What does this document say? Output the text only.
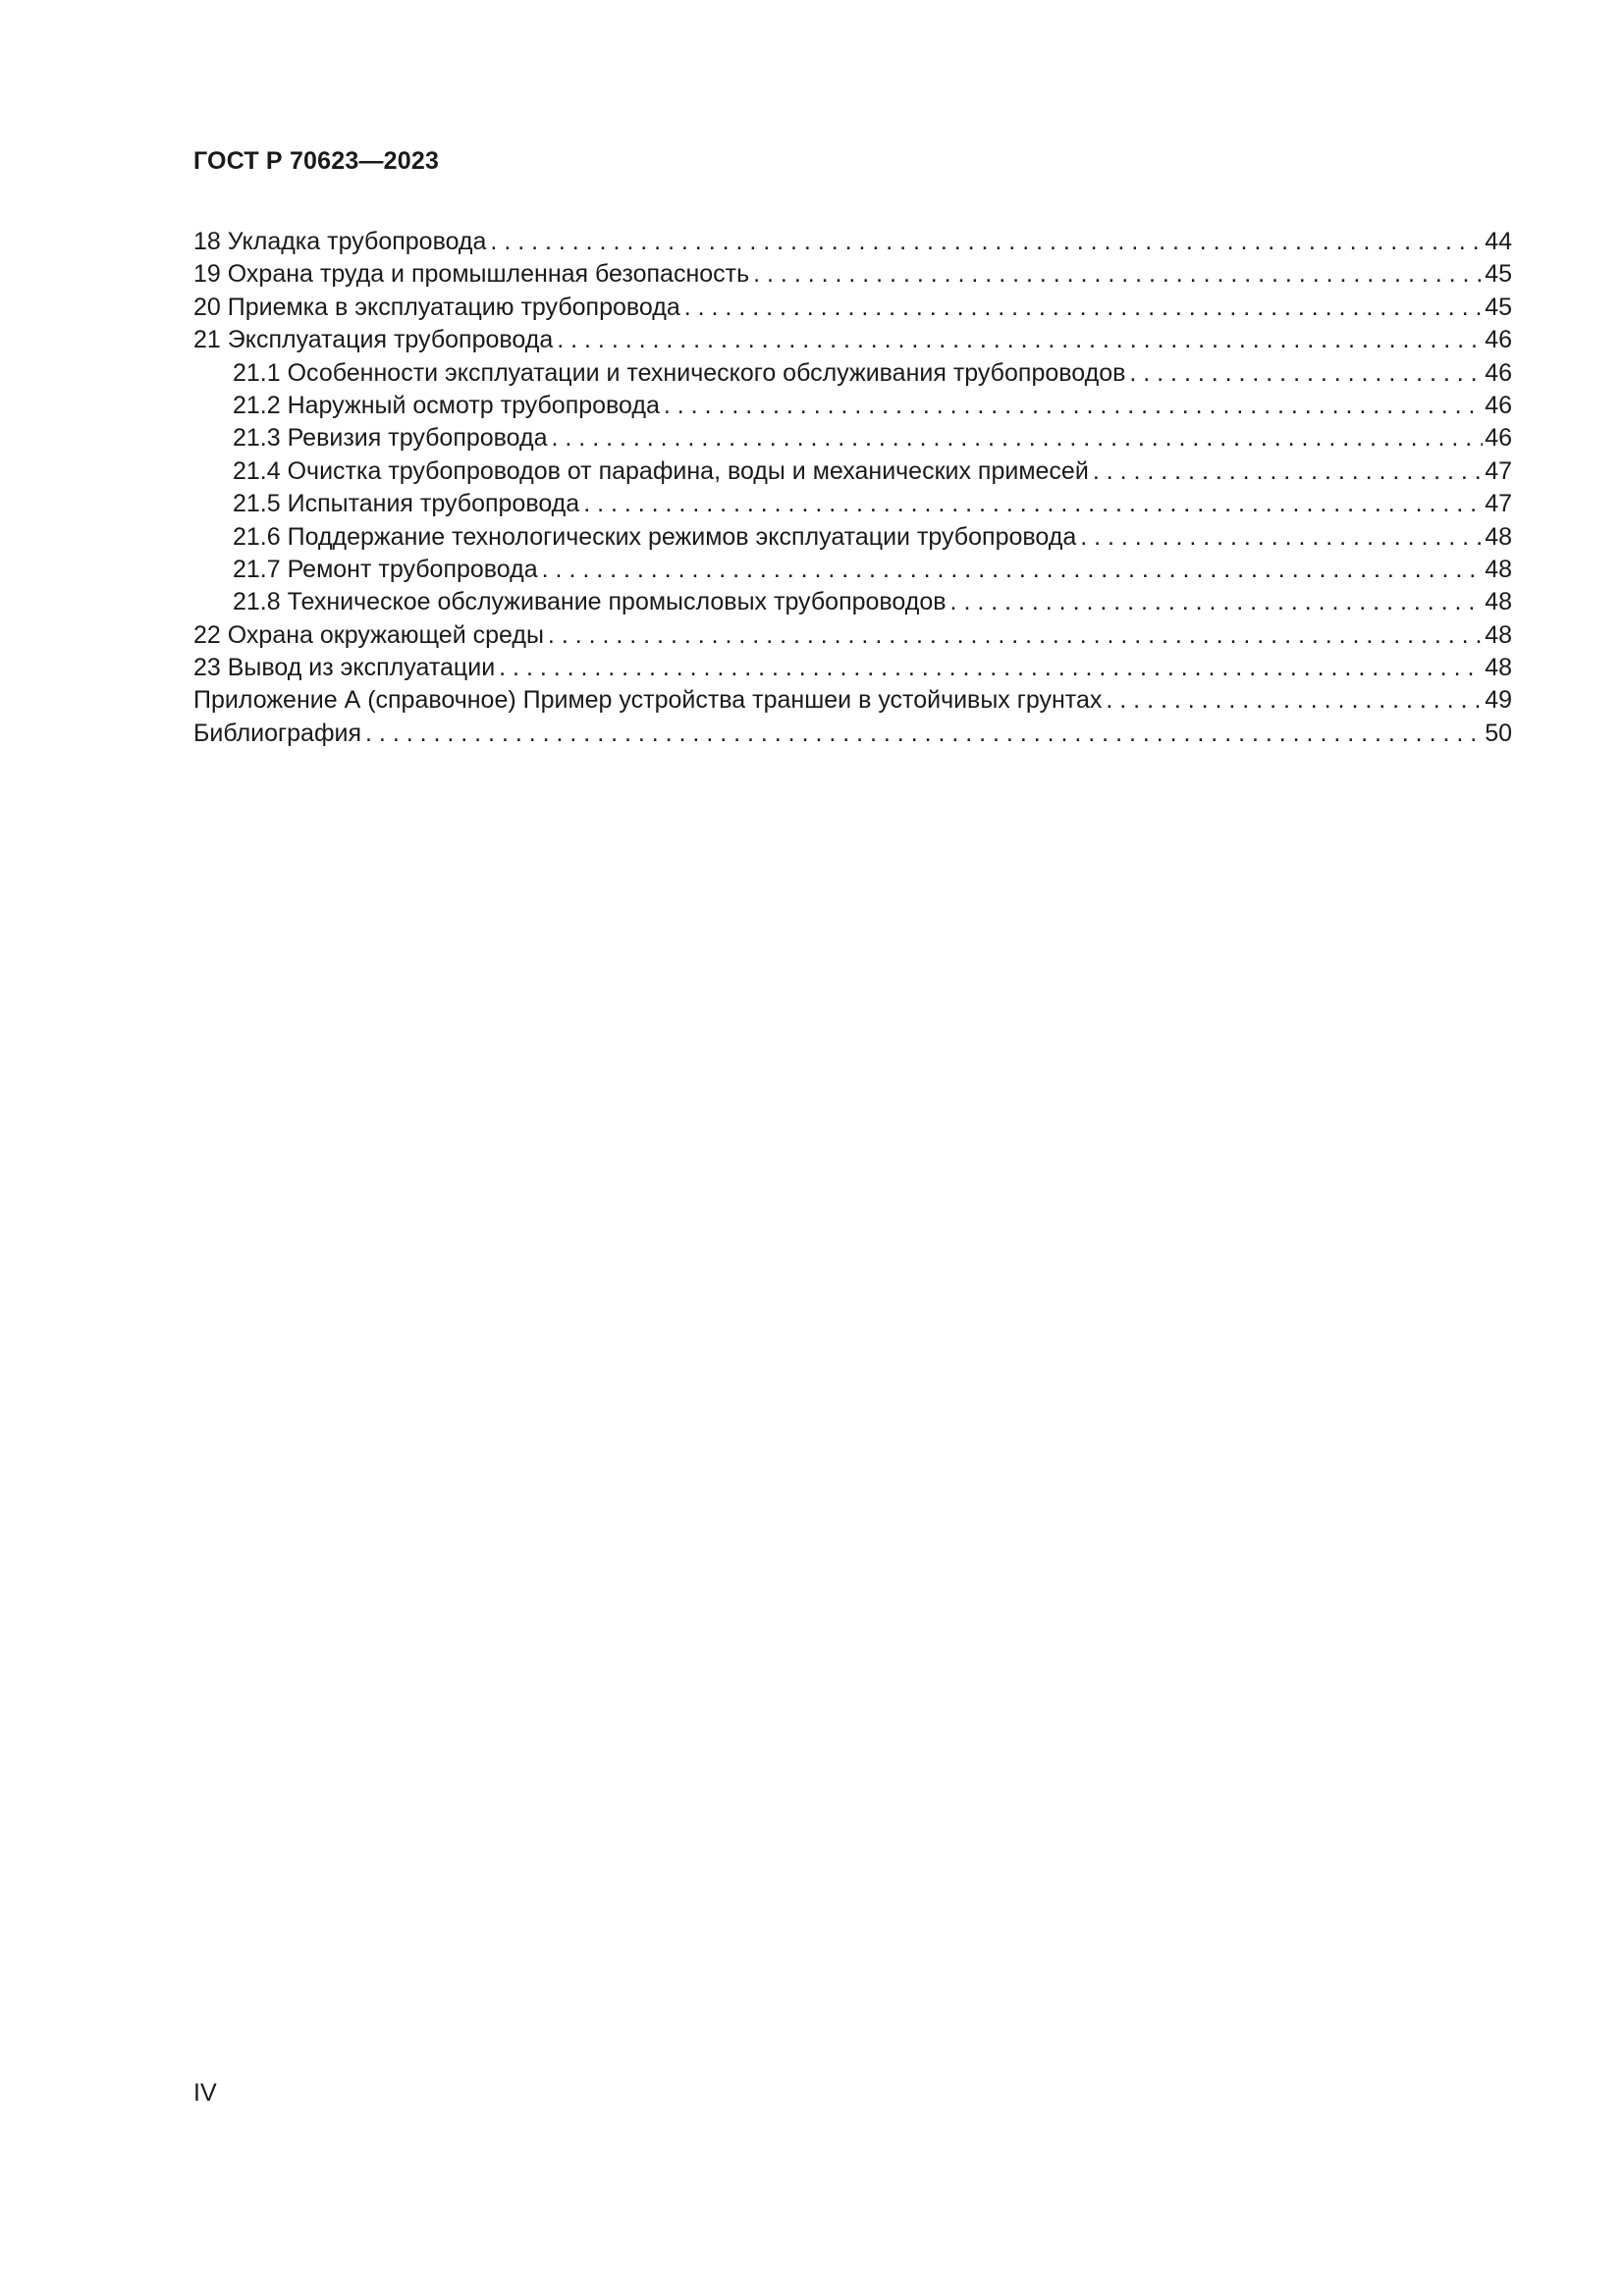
ГОСТ Р 70623—2023
18 Укладка трубопровода . . .	44
19 Охрана труда и промышленная безопасность . . .	45
20 Приемка в эксплуатацию трубопровода . . .	45
21 Эксплуатация трубопровода . . .	46
21.1 Особенности эксплуатации и технического обслуживания трубопроводов . . .	46
21.2 Наружный осмотр трубопровода . . .	46
21.3 Ревизия трубопровода . . .	46
21.4 Очистка трубопроводов от парафина, воды и механических примесей . . .	47
21.5 Испытания трубопровода . . .	47
21.6 Поддержание технологических режимов эксплуатации трубопровода . . .	48
21.7 Ремонт трубопровода . . .	48
21.8 Техническое обслуживание промысловых трубопроводов . . .	48
22 Охрана окружающей среды . . .	48
23 Вывод из эксплуатации . . .	48
Приложение А (справочное) Пример устройства траншеи в устойчивых грунтах . . .	49
Библиография . . .	50
IV
